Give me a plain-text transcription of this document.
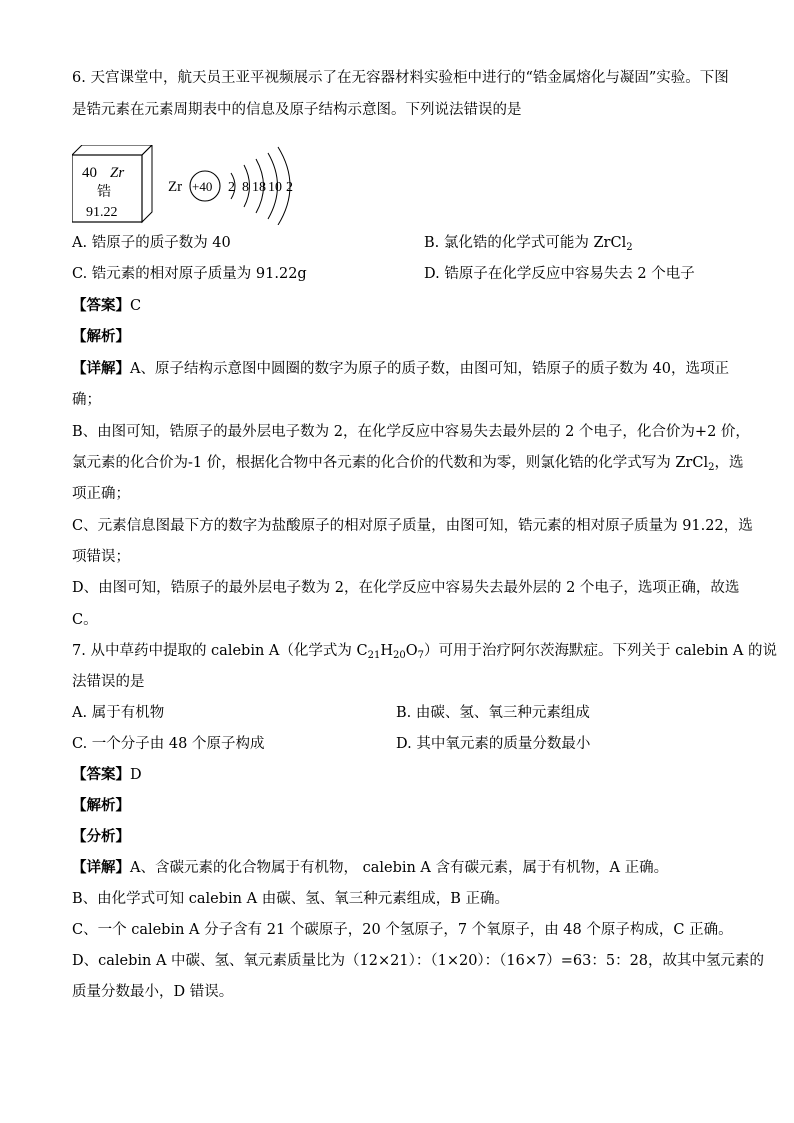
6. 天宫课堂中，航天员王亚平视频展示了在无容器材料实验柜中进行的“锆金属熔化与凝固”实验。下图
是锆元素在元素周期表中的信息及原子结构示意图。下列说法错误的是
40 Zr
锆
91.22
Zr +40 2 8 18 10 2
A. 锆原子的质子数为 40	B. 氯化锆的化学式可能为 ZrCl$_2$
C. 锆元素的相对原子质量为 91.22g	D. 锆原子在化学反应中容易失去 2 个电子
【答案】C
【解析】
【详解】A、原子结构示意图中圆圈的数字为原子的质子数，由图可知，锆原子的质子数为 40，选项正
确；
B、由图可知，锆原子的最外层电子数为 2，在化学反应中容易失去最外层的 2 个电子，化合价为+2 价，
氯元素的化合价为-1 价，根据化合物中各元素的化合价的代数和为零，则氯化锆的化学式写为 ZrCl$_2$，选
项正确；
C、元素信息图最下方的数字为盐酸原子的相对原子质量，由图可知，锆元素的相对原子质量为 91.22，选
项错误；
D、由图可知，锆原子的最外层电子数为 2，在化学反应中容易失去最外层的 2 个电子，选项正确，故选
C。
7. 从中草药中提取的 calebin A（化学式为 $C_{21}H_{20}O_7$）可用于治疗阿尔茨海默症。下列关于 calebin A 的说
法错误的是
A. 属于有机物	B. 由碳、氢、氧三种元素组成
C. 一个分子由 48 个原子构成	D. 其中氧元素的质量分数最小
【答案】D
【解析】
【分析】
【详解】A、含碳元素的化合物属于有机物， calebin A 含有碳元素，属于有机物，A 正确。
B、由化学式可知 calebin A 由碳、氢、氧三种元素组成，B 正确。
C、一个 calebin A 分子含有 21 个碳原子，20 个氢原子，7 个氧原子，由 48 个原子构成，C 正确。
D、calebin A 中碳、氢、氧元素质量比为（12×21）：（1×20）：（16×7）=63：5：28，故其中氢元素的
质量分数最小，D 错误。
